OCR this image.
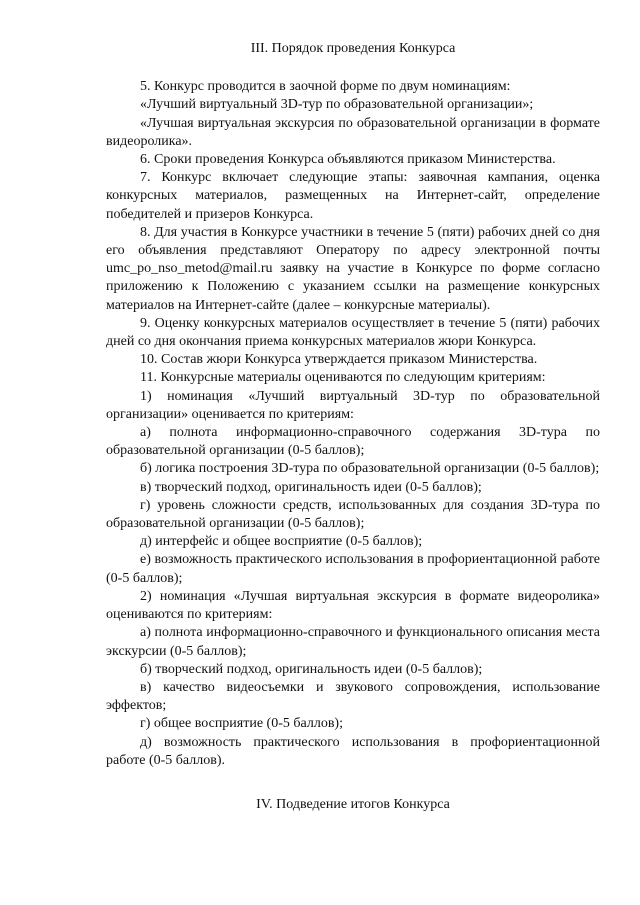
III. Порядок проведения Конкурса

5. Конкурс проводится в заочной форме по двум номинациям:

«Лучший виртуальный 3D-тур по образовательной организации»;

«Лучшая виртуальная экскурсия по образовательной организации в формате видеоролика».

6. Сроки проведения Конкурса объявляются приказом Министерства.

7. Конкурс включает следующие этапы: заявочная кампания, оценка конкурсных материалов, размещенных на Интернет-сайт, определение победителей и призеров Конкурса.

8. Для участия в Конкурсе участники в течение 5 (пяти) рабочих дней со дня его объявления представляют Оператору по адресу электронной почты umc_po_nso_metod@mail.ru заявку на участие в Конкурсе по форме согласно приложению к Положению с указанием ссылки на размещение конкурсных материалов на Интернет-сайте (далее – конкурсные материалы).

9. Оценку конкурсных материалов осуществляет в течение 5 (пяти) рабочих дней со дня окончания приема конкурсных материалов жюри Конкурса.

10. Состав жюри Конкурса утверждается приказом Министерства.

11. Конкурсные материалы оцениваются по следующим критериям:

1) номинация «Лучший виртуальный 3D-тур по образовательной организации» оценивается по критериям:

а) полнота информационно-справочного содержания 3D-тура по образовательной организации (0-5 баллов);

б) логика построения 3D-тура по образовательной организации (0-5 баллов);

в) творческий подход, оригинальность идеи (0-5 баллов);

г) уровень сложности средств, использованных для создания 3D-тура по образовательной организации (0-5 баллов);

д) интерфейс и общее восприятие (0-5 баллов);

е) возможность практического использования в профориентационной работе (0-5 баллов);

2) номинация «Лучшая виртуальная экскурсия в формате видеоролика» оцениваются по критериям:

а) полнота информационно-справочного и функционального описания места экскурсии (0-5 баллов);

б) творческий подход, оригинальность идеи (0-5 баллов);

в) качество видеосъемки и звукового сопровождения, использование эффектов;

г) общее восприятие (0-5 баллов);

д) возможность практического использования в профориентационной работе (0-5 баллов).

IV. Подведение итогов Конкурса
